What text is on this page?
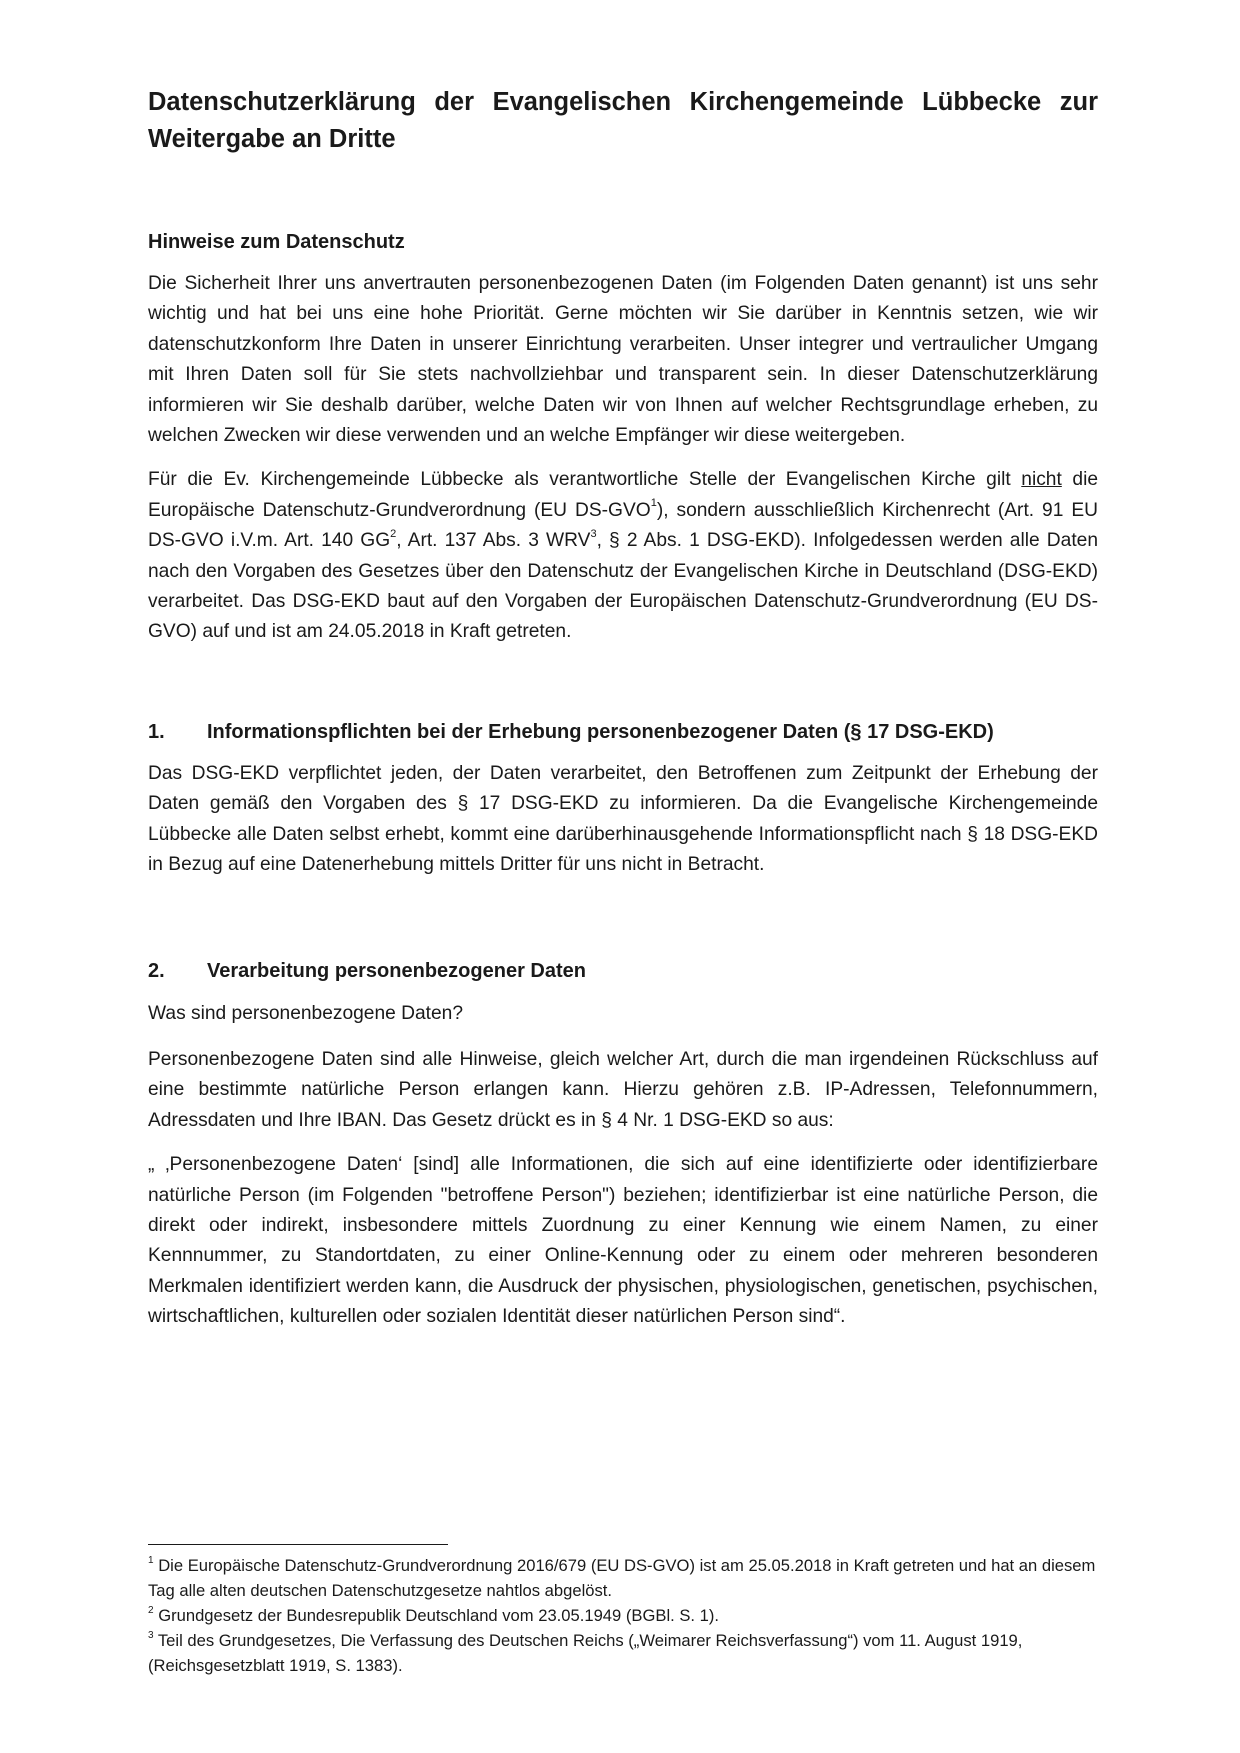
Datenschutzerklärung der Evangelischen Kirchengemeinde Lübbecke zur Weitergabe an Dritte
Hinweise zum Datenschutz

Die Sicherheit Ihrer uns anvertrauten personenbezogenen Daten (im Folgenden Daten genannt) ist uns sehr wichtig und hat bei uns eine hohe Priorität. Gerne möchten wir Sie darüber in Kenntnis setzen, wie wir datenschutzkonform Ihre Daten in unserer Einrichtung verarbeiten. Unser integrer und vertraulicher Umgang mit Ihren Daten soll für Sie stets nachvollziehbar und transparent sein. In dieser Datenschutzerklärung informieren wir Sie deshalb darüber, welche Daten wir von Ihnen auf welcher Rechtsgrundlage erheben, zu welchen Zwecken wir diese verwenden und an welche Empfänger wir diese weitergeben.

Für die Ev. Kirchengemeinde Lübbecke als verantwortliche Stelle der Evangelischen Kirche gilt nicht die Europäische Datenschutz-Grundverordnung (EU DS-GVO$^1$), sondern ausschließlich Kirchenrecht (Art. 91 EU DS-GVO i.V.m. Art. 140 $GG^2$, Art. 137 Abs. 3 WRV$^3$, § 2 Abs. 1 DSG-EKD). Infolgedessen werden alle Daten nach den Vorgaben des Gesetzes über den Datenschutz der Evangelischen Kirche in Deutschland (DSG-EKD) verarbeitet. Das DSG-EKD baut auf den Vorgaben der Europäischen Datenschutz-Grundverordnung (EU DS-GVO) auf und ist am 24.05.2018 in Kraft getreten.

1.	Informationspflichten bei der Erhebung personenbezogener Daten (§ 17 DSG-EKD)

Das DSG-EKD verpflichtet jeden, der Daten verarbeitet, den Betroffenen zum Zeitpunkt der Erhebung der Daten gemäß den Vorgaben des § 17 DSG-EKD zu informieren. Da die Evangelische Kirchengemeinde Lübbecke alle Daten selbst erhebt, kommt eine darüberhinausgehende Informationspflicht nach § 18 DSG-EKD in Bezug auf eine Datenerhebung mittels Dritter für uns nicht in Betracht.

2.	Verarbeitung personenbezogener Daten

Was sind personenbezogene Daten?

Personenbezogene Daten sind alle Hinweise, gleich welcher Art, durch die man irgendeinen Rückschluss auf eine bestimmte natürliche Person erlangen kann. Hierzu gehören z.B. IP-Adressen, Telefonnummern, Adressdaten und Ihre IBAN. Das Gesetz drückt es in § 4 Nr. 1 DSG-EKD so aus:

„ ‚Personenbezogene Daten‘ [sind] alle Informationen, die sich auf eine identifizierte oder identifizierbare natürliche Person (im Folgenden "betroffene Person") beziehen; identifizierbar ist eine natürliche Person, die direkt oder indirekt, insbesondere mittels Zuordnung zu einer Kennung wie einem Namen, zu einer Kennnummer, zu Standortdaten, zu einer Online-Kennung oder zu einem oder mehreren besonderen Merkmalen identifiziert werden kann, die Ausdruck der physischen, physiologischen, genetischen, psychischen, wirtschaftlichen, kulturellen oder sozialen Identität dieser natürlichen Person sind“.

$^1$ Die Europäische Datenschutz-Grundverordnung 2016/679 (EU DS-GVO) ist am 25.05.2018 in Kraft getreten und hat an diesem Tag alle alten deutschen Datenschutzgesetze nahtlos abgelöst.

$^2$ Grundgesetz der Bundesrepublik Deutschland vom 23.05.1949 (BGBl. S. 1).

$^3$ Teil des Grundgesetzes, Die Verfassung des Deutschen Reichs („Weimarer Reichsverfassung“) vom 11. August 1919, (Reichsgesetzblatt 1919, S. 1383).
